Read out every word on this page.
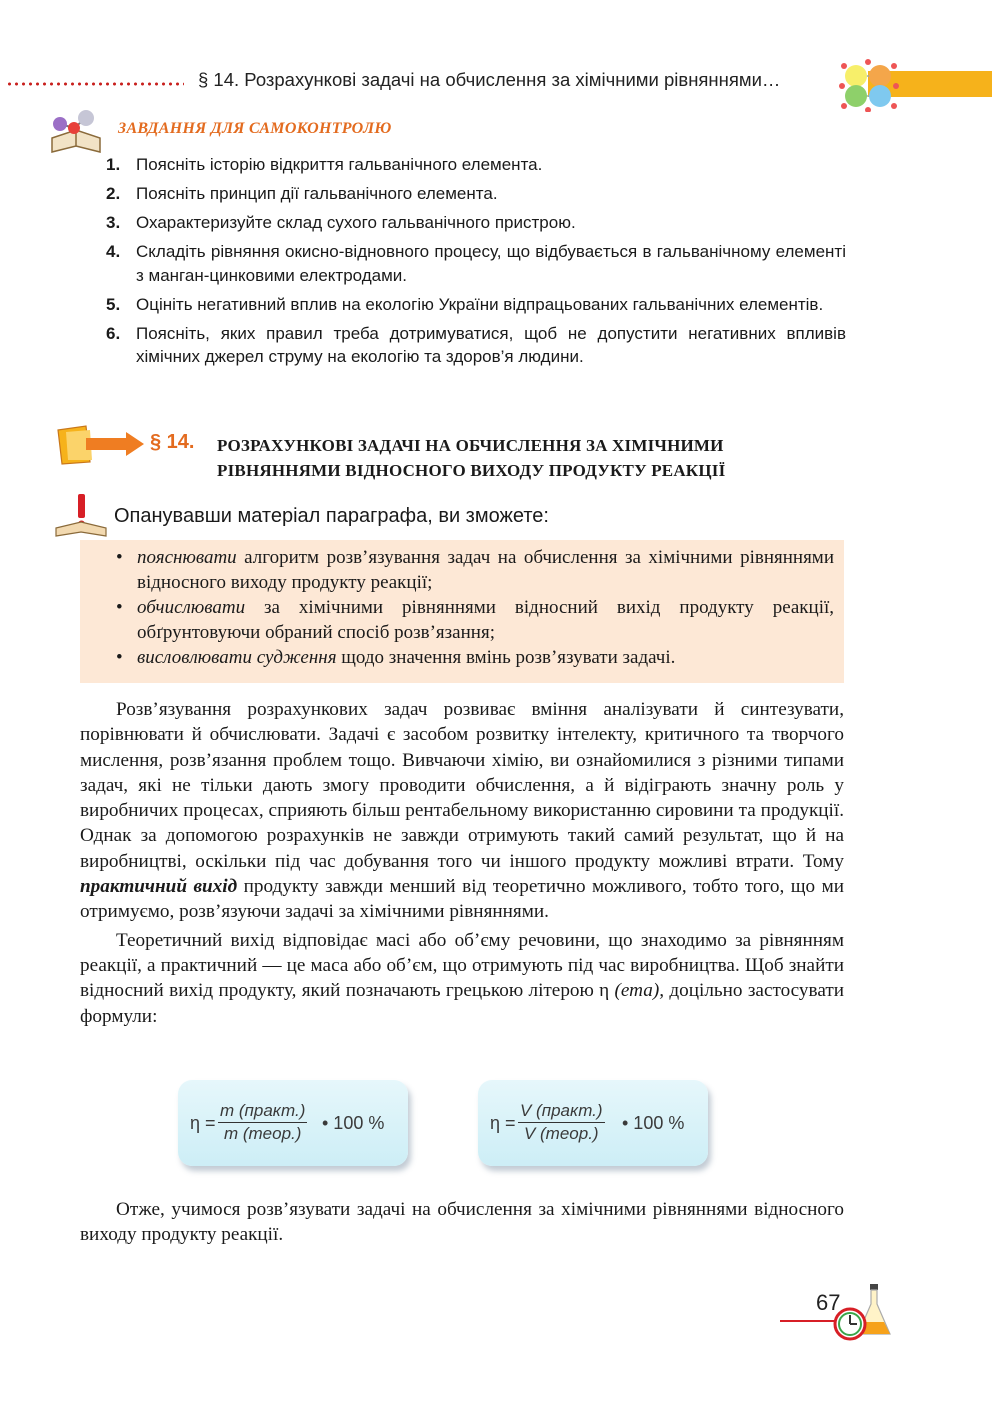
§ 14. Розрахункові задачі на обчислення за хімічними рівняннями…
ЗАВДАННЯ ДЛЯ САМОКОНТРОЛЮ
1. Поясніть історію відкриття гальванічного елемента.
2. Поясніть принцип дії гальванічного елемента.
3. Охарактеризуйте склад сухого гальванічного пристрою.
4. Складіть рівняння окисно-відновного процесу, що відбувається в гальванічному елементі з манган-цинковими електродами.
5. Оцініть негативний вплив на екологію України відпрацьованих гальванічних елементів.
6. Поясніть, яких правил треба дотримуватися, щоб не допустити негативних впливів хімічних джерел струму на екологію та здоров’я людини.
§ 14. РОЗРАХУНКОВІ ЗАДАЧІ НА ОБЧИСЛЕННЯ ЗА ХІМІЧНИМИ РІВНЯННЯМИ ВІДНОСНОГО ВИХОДУ ПРОДУКТУ РЕАКЦІЇ
Опанувавши матеріал параграфа, ви зможете:
• пояснювати алгоритм розв’язування задач на обчислення за хімічними рівняннями відносного виходу продукту реакції;
• обчислювати за хімічними рівняннями відносний вихід продукту реакції, обґрунтовуючи обраний спосіб розв’язання;
• висловлювати судження щодо значення вмінь розв’язувати задачі.

Розв’язування розрахункових задач розвиває вміння аналізувати й синтезувати, порівнювати й обчислювати. Задачі є засобом розвитку інтелекту, критичного та творчого мислення, розв’язання проблем тощо. Вивчаючи хімію, ви ознайомилися з різними типами задач, які не тільки дають змогу проводити обчислення, а й відіграють значну роль у виробничих процесах, сприяють більш рентабельному використанню сировини та продукції. Однак за допомогою розрахунків не завжди отримують такий самий результат, що й на виробництві, оскільки під час добування того чи іншого продукту можливі втрати. Тому практичний вихід продукту завжди менший від теоретично можливого, тобто того, що ми отримуємо, розв’язуючи задачі за хімічними рівняннями.

Теоретичний вихід відповідає масі або об’єму речовини, що знаходимо за рівнянням реакції, а практичний — це маса або об’єм, що отримують під час виробництва. Щоб знайти відносний вихід продукту, який позначають грецькою літерою η (ета), доцільно застосувати формули:

η =
m (практ.)
m (теор.)
• 100 %	η =
V (практ.)
V (теор.)
• 100 %

Отже, учимося розв’язувати задачі на обчислення за хімічними рівняннями відносного виходу продукту реакції.

67
